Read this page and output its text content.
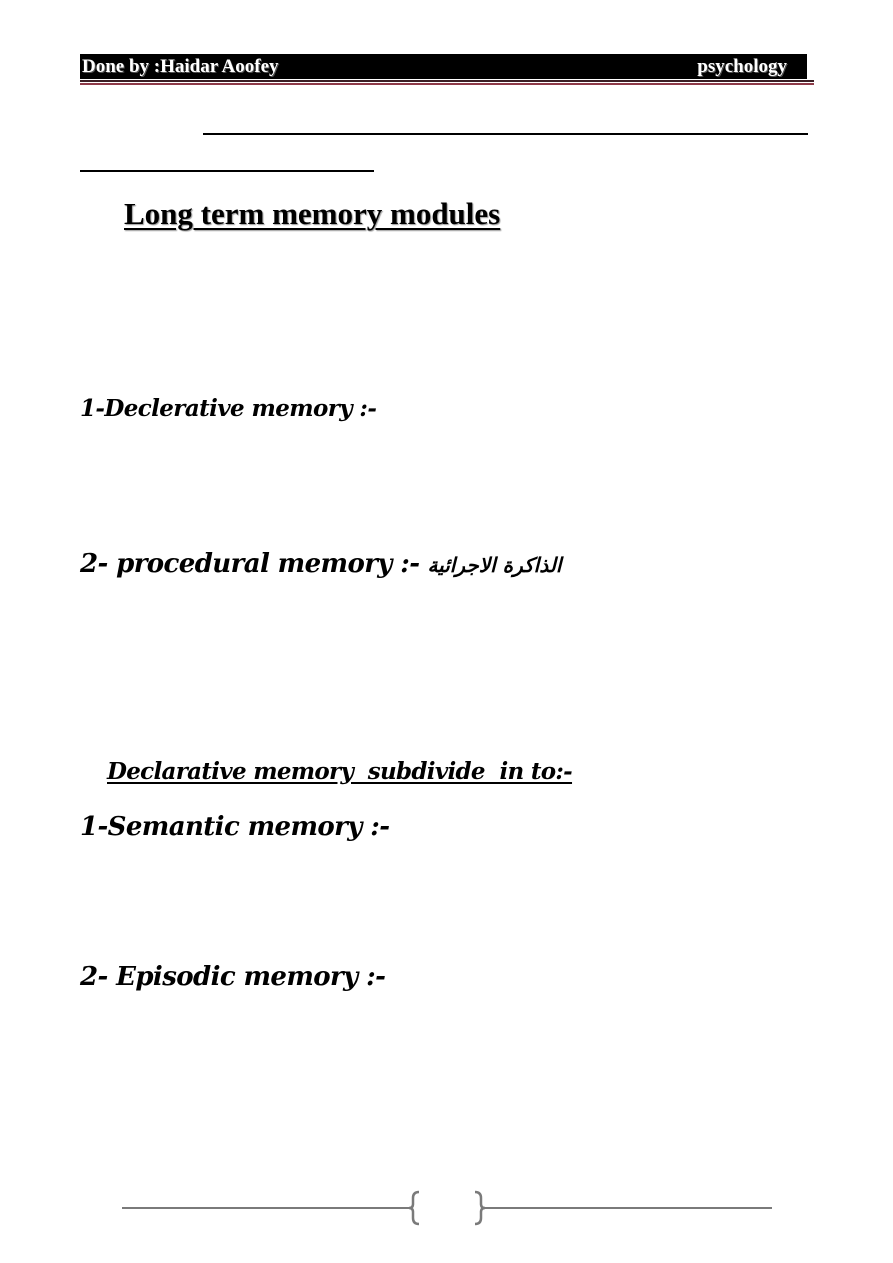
Done by :Haidar Aoofey	psychology
Long term memory modules

1-Declerative memory :-

2- procedural memory :- الذاكرة الاجرائية

Declarative memory  subdivide  in to:-

1-Semantic memory :-

2- Episodic memory :-
